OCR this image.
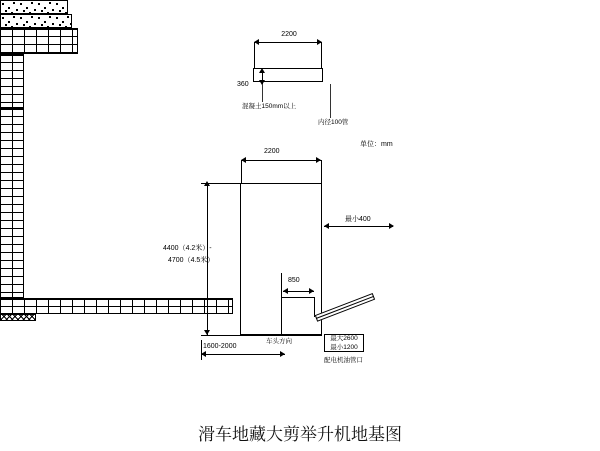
2200
360
混凝土150mm以上
内径100管
单位：mm
2200
最小400
4400（4.2米）-
4700（4.5米）
1600-2000
850
车头方向	最大2600
最小1200
配电机油管口
滑车地藏大剪举升机地基图
